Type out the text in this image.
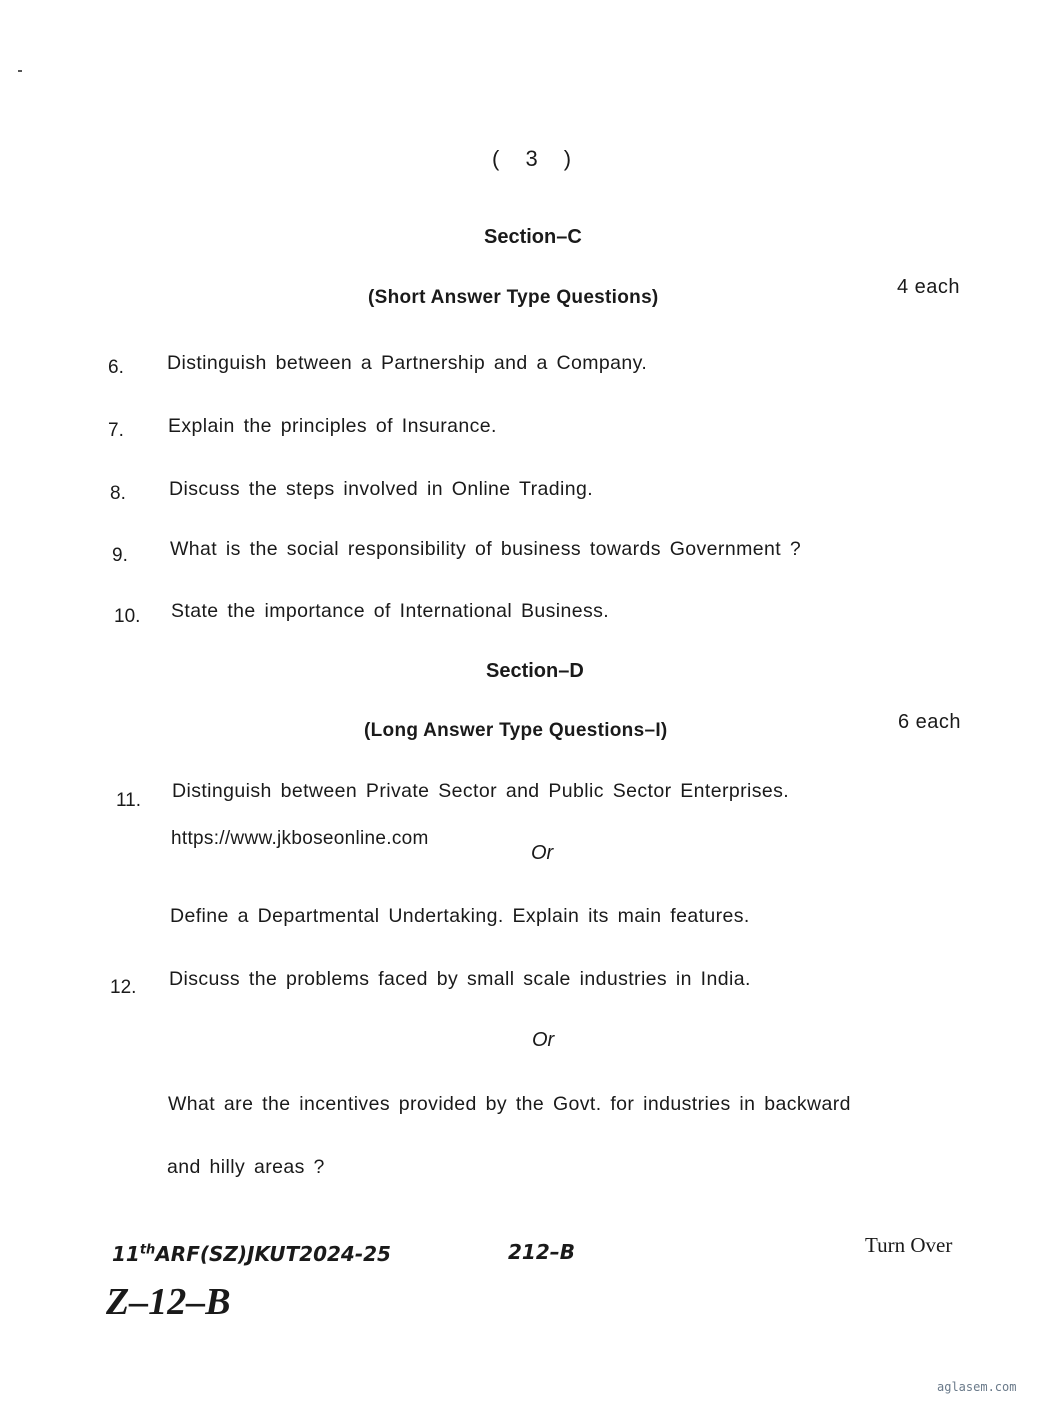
( 3 )
Section–C
(Short Answer Type Questions)	4 each
6. Distinguish between a Partnership and a Company.
7. Explain the principles of Insurance.
8. Discuss the steps involved in Online Trading.
9. What is the social responsibility of business towards Government ?
10. State the importance of International Business.
Section–D
(Long Answer Type Questions–I)	6 each
11. Distinguish between Private Sector and Public Sector Enterprises.
https://www.jkboseonline.com
Or
Define a Departmental Undertaking. Explain its main features.
12. Discuss the problems faced by small scale industries in India.
Or
What are the incentives provided by the Govt. for industries in backward
and hilly areas ?
11thARF(SZ)JKUT2024-25	212–B	Turn Over
Z–12–B
aglasem.com
